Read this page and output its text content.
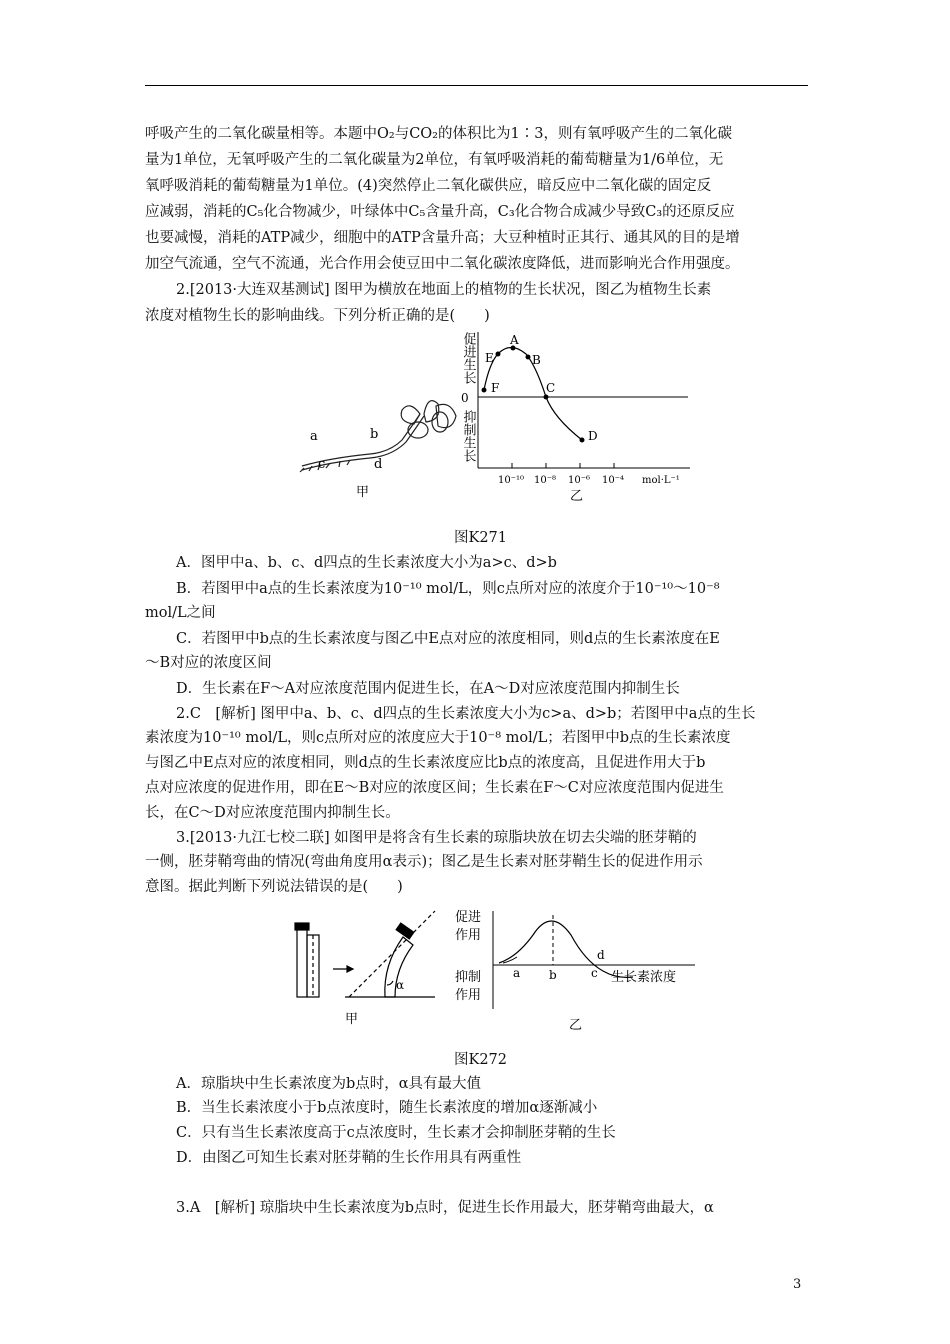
呼吸产生的二氧化碳量相等。本题中O₂与CO₂的体积比为1∶3，则有氧呼吸产生的二氧化碳
量为1单位，无氧呼吸产生的二氧化碳量为2单位，有氧呼吸消耗的葡萄糖量为1/6单位，无
氧呼吸消耗的葡萄糖量为1单位。(4)突然停止二氧化碳供应，暗反应中二氧化碳的固定反
应减弱，消耗的C₅化合物减少，叶绿体中C₅含量升高，C₃化合物合成减少导致C₃的还原反应
也要减慢，消耗的ATP减少，细胞中的ATP含量升高；大豆种植时正其行、通其风的目的是增
加空气流通，空气不流通，光合作用会使豆田中二氧化碳浓度降低，进而影响光合作用强度。
2.[2013·大连双基测试] 图甲为横放在地面上的植物的生长状况，图乙为植物生长素
浓度对植物生长的影响曲线。下列分析正确的是(　　)
a	b
c	d
甲
A
E	B
F	C
D
0
促进生长
抑制生长
10⁻¹⁰ 10⁻⁸ 10⁻⁶ 10⁻⁴ mol·L⁻¹
乙
图K271
A．图甲中a、b、c、d四点的生长素浓度大小为a>c、d>b
B．若图甲中a点的生长素浓度为10⁻¹⁰ mol/L，则c点所对应的浓度介于10⁻¹⁰～10⁻⁸
mol/L之间
C．若图甲中b点的生长素浓度与图乙中E点对应的浓度相同，则d点的生长素浓度在E
～B对应的浓度区间
D．生长素在F～A对应浓度范围内促进生长，在A～D对应浓度范围内抑制生长
2.C　[解析] 图甲中a、b、c、d四点的生长素浓度大小为c>a、d>b；若图甲中a点的生长
素浓度为10⁻¹⁰ mol/L，则c点所对应的浓度应大于10⁻⁸ mol/L；若图甲中b点的生长素浓度
与图乙中E点对应的浓度相同，则d点的生长素浓度应比b点的浓度高，且促进作用大于b
点对应浓度的促进作用，即在E～B对应的浓度区间；生长素在F～C对应浓度范围内促进生
长，在C～D对应浓度范围内抑制生长。
3.[2013·九江七校二联] 如图甲是将含有生长素的琼脂块放在切去尖端的胚芽鞘的
一侧，胚芽鞘弯曲的情况(弯曲角度用α表示)；图乙是生长素对胚芽鞘生长的促进作用示
意图。据此判断下列说法错误的是(　　)
α
甲
促进
作用
抑制
作用
a b	c
d
生长素浓度
乙
图K272
A．琼脂块中生长素浓度为b点时，α具有最大值
B．当生长素浓度小于b点浓度时，随生长素浓度的增加α逐渐减小
C．只有当生长素浓度高于c点浓度时，生长素才会抑制胚芽鞘的生长
D．由图乙可知生长素对胚芽鞘的生长作用具有两重性
3.A　[解析] 琼脂块中生长素浓度为b点时，促进生长作用最大，胚芽鞘弯曲最大，α
3
